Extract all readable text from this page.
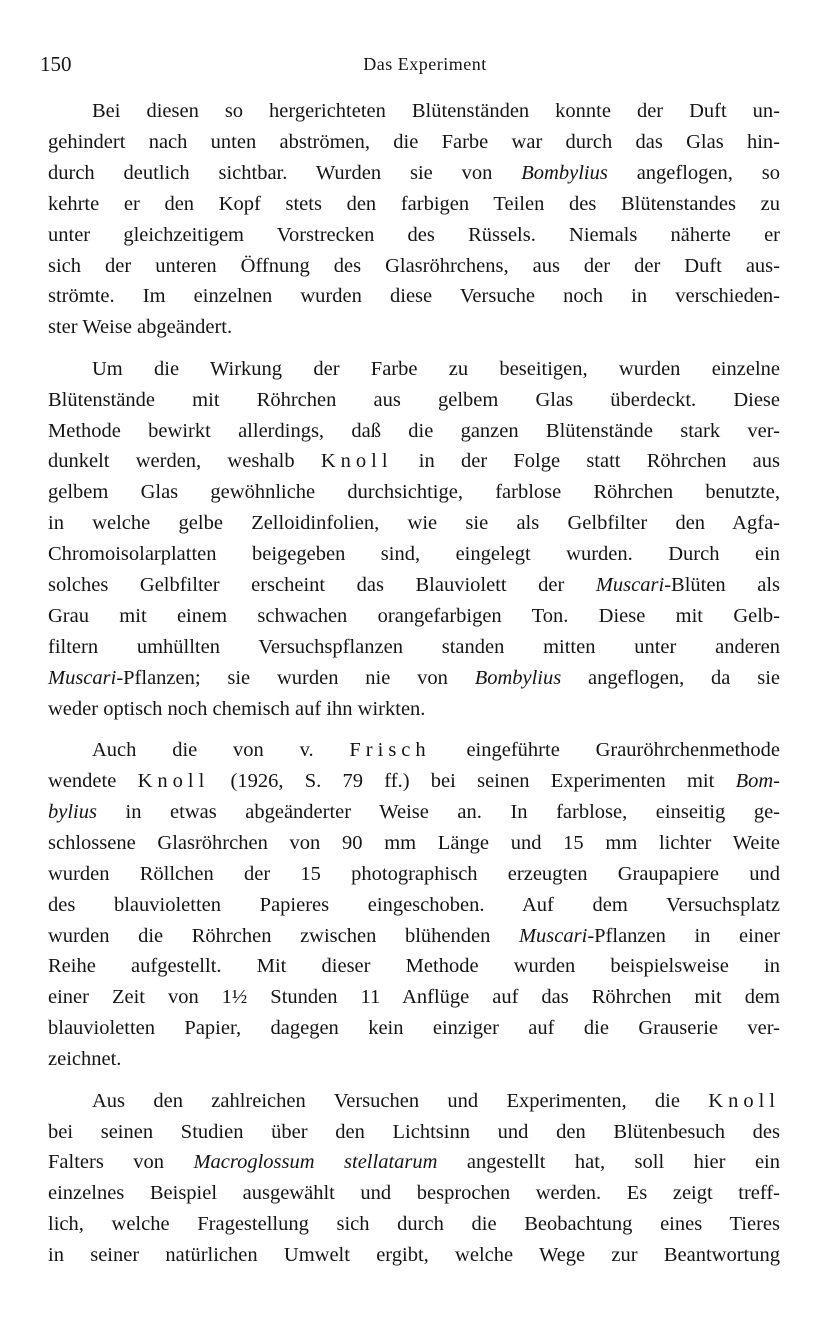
150	Das Experiment
Bei diesen so hergerichteten Blütenständen konnte der Duft un-
gehindert nach unten abströmen, die Farbe war durch das Glas hin-
durch deutlich sichtbar. Wurden sie von Bombylius angeflogen, so
kehrte er den Kopf stets den farbigen Teilen des Blütenstandes zu
unter gleichzeitigem Vorstrecken des Rüssels. Niemals näherte er
sich der unteren Öffnung des Glasröhrchens, aus der der Duft aus-
strömte. Im einzelnen wurden diese Versuche noch in verschieden-
ster Weise abgeändert.
Um die Wirkung der Farbe zu beseitigen, wurden einzelne
Blütenstände mit Röhrchen aus gelbem Glas überdeckt. Diese
Methode bewirkt allerdings, daß die ganzen Blütenstände stark ver-
dunkelt werden, weshalb Knoll in der Folge statt Röhrchen aus
gelbem Glas gewöhnliche durchsichtige, farblose Röhrchen benutzte,
in welche gelbe Zelloidinfolien, wie sie als Gelbfilter den Agfa-
Chromoisolarplatten beigegeben sind, eingelegt wurden. Durch ein
solches Gelbfilter erscheint das Blauviolett der Muscari-Blüten als
Grau mit einem schwachen orangefarbigen Ton. Diese mit Gelb-
filtern umhüllten Versuchspflanzen standen mitten unter anderen
Muscari-Pflanzen; sie wurden nie von Bombylius angeflogen, da sie
weder optisch noch chemisch auf ihn wirkten.
Auch die von v. Frisch eingeführte Grauröhrchenmethode
wendete Knoll (1926, S. 79 ff.) bei seinen Experimenten mit Bom-
bylius in etwas abgeänderter Weise an. In farblose, einseitig ge-
schlossene Glasröhrchen von 90 mm Länge und 15 mm lichter Weite
wurden Röllchen der 15 photographisch erzeugten Graupapiere und
des blauvioletten Papieres eingeschoben. Auf dem Versuchsplatz
wurden die Röhrchen zwischen blühenden Muscari-Pflanzen in einer
Reihe aufgestellt. Mit dieser Methode wurden beispielsweise in
einer Zeit von 1½ Stunden 11 Anflüge auf das Röhrchen mit dem
blauvioletten Papier, dagegen kein einziger auf die Grauserie ver-
zeichnet.
Aus den zahlreichen Versuchen und Experimenten, die Knoll
bei seinen Studien über den Lichtsinn und den Blütenbesuch des
Falters von Macroglossum stellatarum angestellt hat, soll hier ein
einzelnes Beispiel ausgewählt und besprochen werden. Es zeigt treff-
lich, welche Fragestellung sich durch die Beobachtung eines Tieres
in seiner natürlichen Umwelt ergibt, welche Wege zur Beantwortung
